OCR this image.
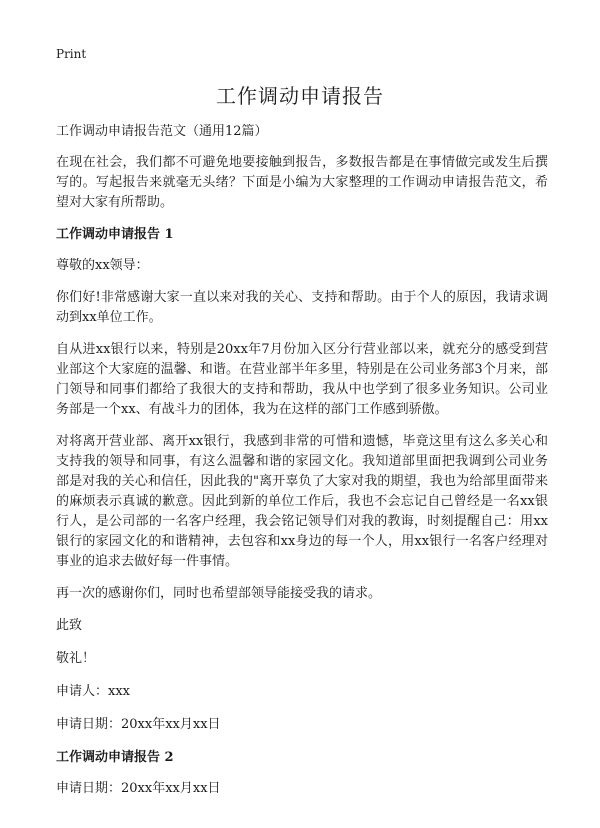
Print
工作调动申请报告

工作调动申请报告范文（通用12篇）

在现在社会，我们都不可避免地要接触到报告，多数报告都是在事情做完或发生后撰写的。写起报告来就毫无头绪？下面是小编为大家整理的工作调动申请报告范文，希望对大家有所帮助。

工作调动申请报告 1

尊敬的xx领导：

你们好!非常感谢大家一直以来对我的关心、支持和帮助。由于个人的原因，我请求调动到xx单位工作。

自从进xx银行以来，特别是20xx年7月份加入区分行营业部以来，就充分的感受到营业部这个大家庭的温馨、和谐。在营业部半年多里，特别是在公司业务部3个月来，部门领导和同事们都给了我很大的支持和帮助，我从中也学到了很多业务知识。公司业务部是一个xx、有战斗力的团体，我为在这样的部门工作感到骄傲。

对将离开营业部、离开xx银行，我感到非常的可惜和遗憾，毕竟这里有这么多关心和支持我的领导和同事，有这么温馨和谐的家园文化。我知道部里面把我调到公司业务部是对我的关心和信任，因此我的"离开辜负了大家对我的期望，我也为给部里面带来的麻烦表示真诚的歉意。因此到新的单位工作后，我也不会忘记自己曾经是一名xx银行人，是公司部的一名客户经理，我会铭记领导们对我的教诲，时刻提醒自己：用xx银行的家园文化的和谐精神，去包容和xx身边的每一个人，用xx银行一名客户经理对事业的追求去做好每一件事情。

再一次的感谢你们，同时也希望部领导能接受我的请求。

此致

敬礼！

申请人：xxx

申请日期：20xx年xx月xx日

工作调动申请报告 2

申请日期：20xx年xx月xx日
